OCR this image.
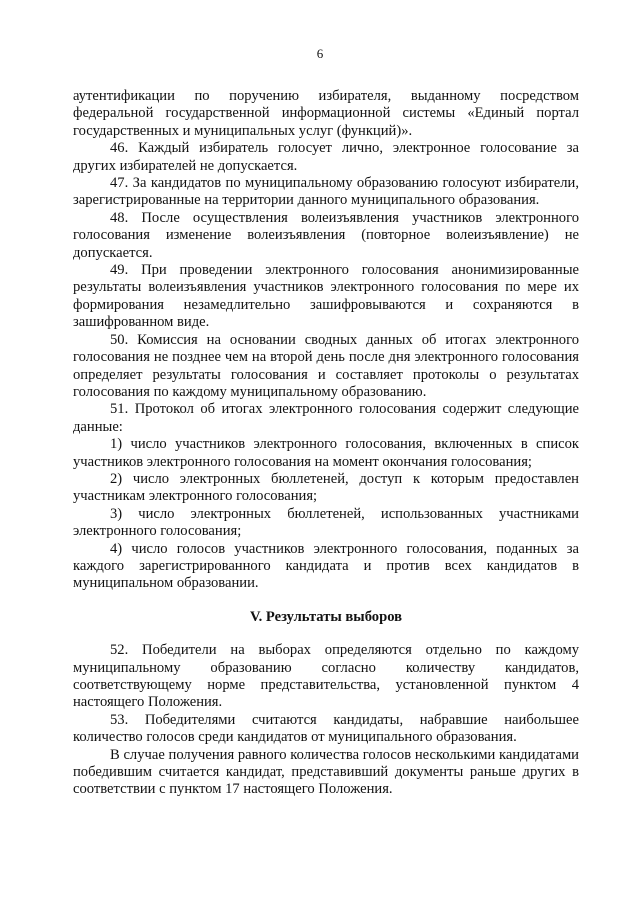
6

аутентификации по поручению избирателя, выданному посредством федеральной государственной информационной системы «Единый портал государственных и муниципальных услуг (функций)».

46. Каждый избиратель голосует лично, электронное голосование за других избирателей не допускается.

47. За кандидатов по муниципальному образованию голосуют избиратели, зарегистрированные на территории данного муниципального образования.

48. После осуществления волеизъявления участников электронного голосования изменение волеизъявления (повторное волеизъявление) не допускается.

49. При проведении электронного голосования анонимизированные результаты волеизъявления участников электронного голосования по мере их формирования незамедлительно зашифровываются и сохраняются в зашифрованном виде.

50. Комиссия на основании сводных данных об итогах электронного голосования не позднее чем на второй день после дня электронного голосования определяет результаты голосования и составляет протоколы о результатах голосования по каждому муниципальному образованию.

51. Протокол об итогах электронного голосования содержит следующие данные:

1) число участников электронного голосования, включенных в список участников электронного голосования на момент окончания голосования;

2) число электронных бюллетеней, доступ к которым предоставлен участникам электронного голосования;

3) число электронных бюллетеней, использованных участниками электронного голосования;

4) число голосов участников электронного голосования, поданных за каждого зарегистрированного кандидата и против всех кандидатов в муниципальном образовании.

V. Результаты выборов

52. Победители на выборах определяются отдельно по каждому муниципальному образованию согласно количеству кандидатов, соответствующему норме представительства, установленной пунктом 4 настоящего Положения.

53. Победителями считаются кандидаты, набравшие наибольшее количество голосов среди кандидатов от муниципального образования.

В случае получения равного количества голосов несколькими кандидатами победившим считается кандидат, представивший документы раньше других в соответствии с пунктом 17 настоящего Положения.
